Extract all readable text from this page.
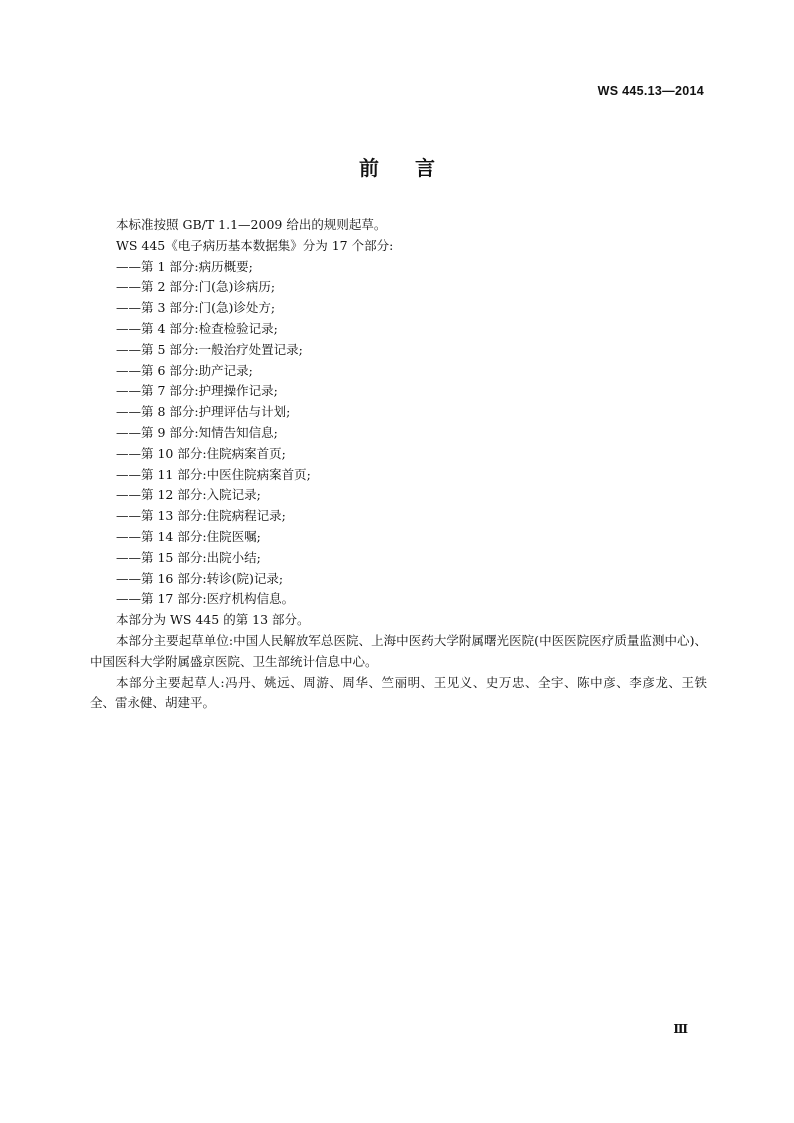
WS 445.13—2014
前言

本标准按照 GB/T 1.1—2009 给出的规则起草。

WS 445《电子病历基本数据集》分为 17 个部分:

——第 1 部分:病历概要;
——第 2 部分:门(急)诊病历;
——第 3 部分:门(急)诊处方;
——第 4 部分:检查检验记录;
——第 5 部分:一般治疗处置记录;
——第 6 部分:助产记录;
——第 7 部分:护理操作记录;
——第 8 部分:护理评估与计划;
——第 9 部分:知情告知信息;
——第 10 部分:住院病案首页;
——第 11 部分:中医住院病案首页;
——第 12 部分:入院记录;
——第 13 部分:住院病程记录;
——第 14 部分:住院医嘱;
——第 15 部分:出院小结;
——第 16 部分:转诊(院)记录;
——第 17 部分:医疗机构信息。

本部分为 WS 445 的第 13 部分。

本部分主要起草单位:中国人民解放军总医院、上海中医药大学附属曙光医院(中医医院医疗质量监测中心)、中国医科大学附属盛京医院、卫生部统计信息中心。

本部分主要起草人:冯丹、姚远、周游、周华、竺丽明、王见义、史万忠、全宇、陈中彦、李彦龙、王铁全、雷永健、胡建平。

Ⅲ
